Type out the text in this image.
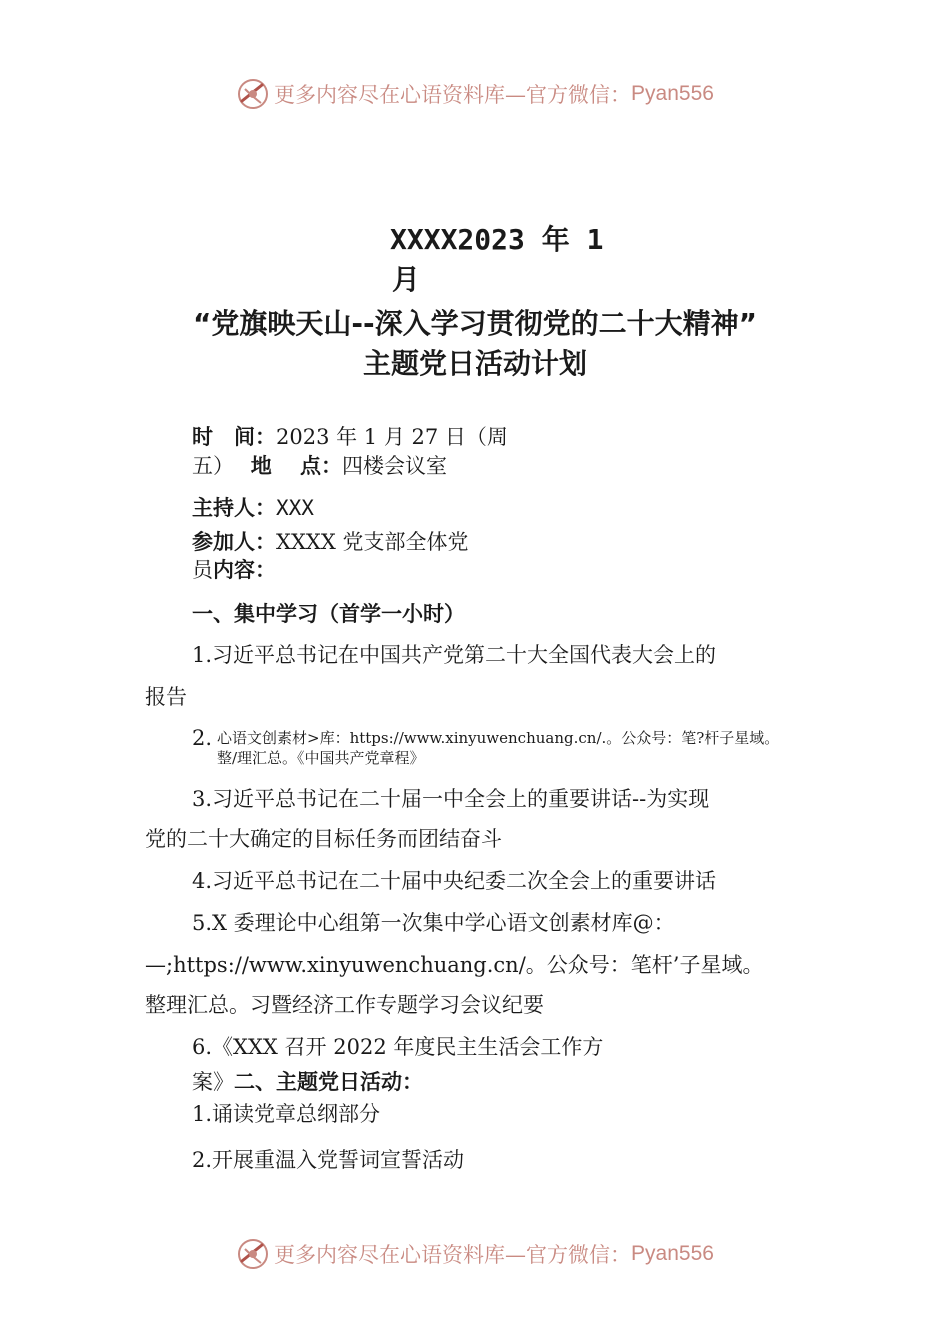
更多内容尽在心语资料库—官方微信： Pyan556
XXXX2023 年 1
月
“党旗映天山--深入学习贯彻党的二十大精神”
主题党日活动计划
时　间：2023 年 1 月 27 日（周
五） 地　 点：四楼会议室
主持人：XXX
参加人：XXXX 党支部全体党
员内容：
一、集中学习（首学一小时）
1.习近平总书记在中国共产党第二十大全国代表大会上的
报告
2. 心语文创素材>库：https://www.xinyuwenchuang.cn/.。公众号：笔?杆子星域。
整/理汇总。《中国共产党章程》
3.习近平总书记在二十届一中全会上的重要讲话--为实现
党的二十大确定的目标任务而团结奋斗
4.习近平总书记在二十届中央纪委二次全会上的重要讲话
5.X 委理论中心组第一次集中学心语文创素材库@：
—;https://www.xinyuwenchuang.cn/。公众号：笔杆’子星域。
整理汇总。习暨经济工作专题学习会议纪要
6.《XXX 召开 2022 年度民主生活会工作方
案》二、主题党日活动：
1.诵读党章总纲部分
2.开展重温入党誓词宣誓活动
更多内容尽在心语资料库—官方微信： Pyan556
